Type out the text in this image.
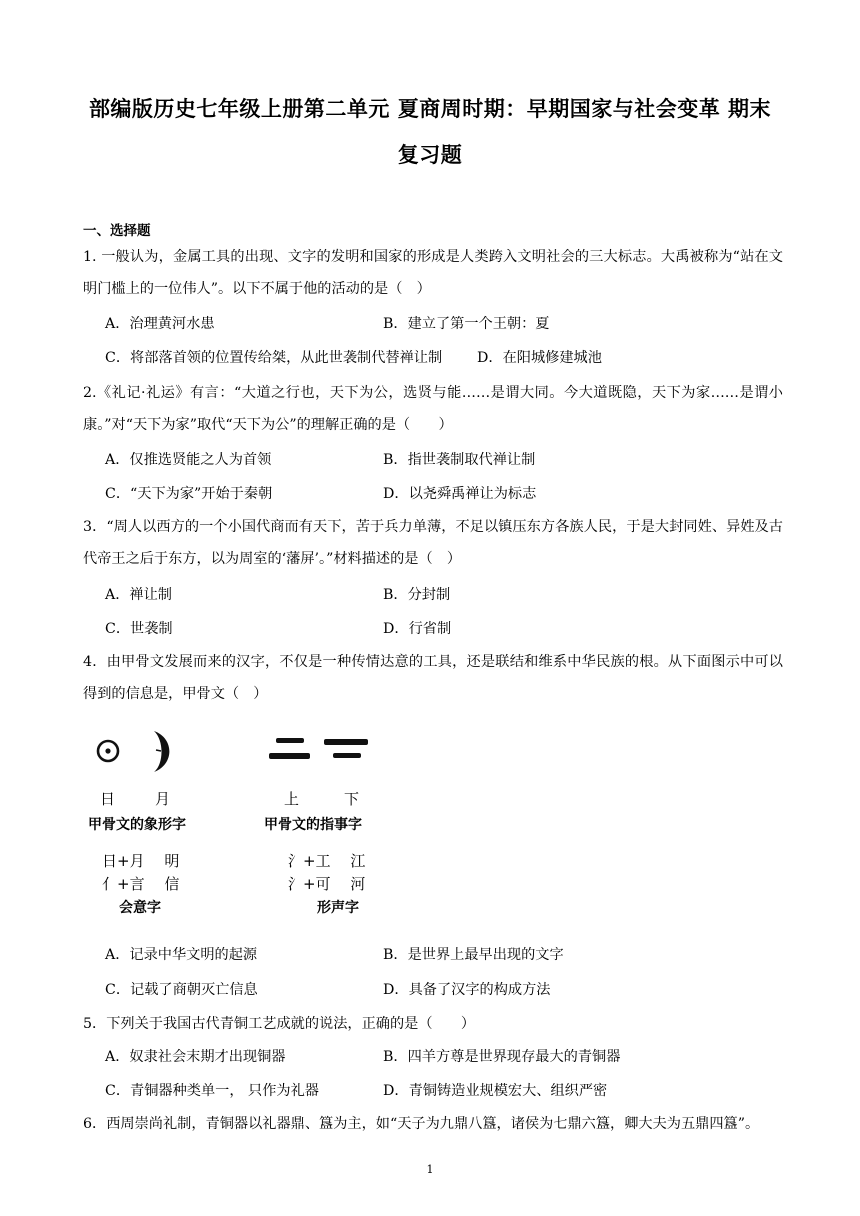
部编版历史七年级上册第二单元 夏商周时期：早期国家与社会变革 期末
复习题
一、选择题
1. 一般认为，金属工具的出现、文字的发明和国家的形成是人类跨入文明社会的三大标志。大禹被称为“站在文明门槛上的一位伟人”。以下不属于他的活动的是（　）
A．治理黄河水患	B．建立了第一个王朝：夏
C．将部落首领的位置传给桀，从此世袭制代替禅让制 D．在阳城修建城池
2.《礼记·礼运》有言：“大道之行也，天下为公，选贤与能……是谓大同。今大道既隐，天下为家……是谓小康。”对“天下为家”取代“天下为公”的理解正确的是（　　）
A．仅推选贤能之人为首领	B．指世袭制取代禅让制
C．“天下为家”开始于秦朝	D．以尧舜禹禅让为标志
3．“周人以西方的一个小国代商而有天下，苦于兵力单薄，不足以镇压东方各族人民，于是大封同姓、异姓及古代帝王之后于东方，以为周室的‘藩屏’。”材料描述的是（　）
A．禅让制	B．分封制
C．世袭制	D．行省制
4．由甲骨文发展而来的汉字，不仅是一种传情达意的工具，还是联结和维系中华民族的根。从下面图示中可以得到的信息是，甲骨文（　）
日	月	上	下
甲骨文的象形字	甲骨文的指事字
日+月　 明
亻+言　 信
氵+工　 江
氵+可　 河
会意字	形声字
A．记录中华文明的起源	B．是世界上最早出现的文字
C．记载了商朝灭亡信息	D．具备了汉字的构成方法
5．下列关于我国古代青铜工艺成就的说法，正确的是（　　）
A．奴隶社会末期才出现铜器	B．四羊方尊是世界现存最大的青铜器
C．青铜器种类单一， 只作为礼器	D．青铜铸造业规模宏大、组织严密
6．西周崇尚礼制，青铜器以礼器鼎、簋为主，如“天子为九鼎八簋，诸侯为七鼎六簋，卿大夫为五鼎四簋”。
1
